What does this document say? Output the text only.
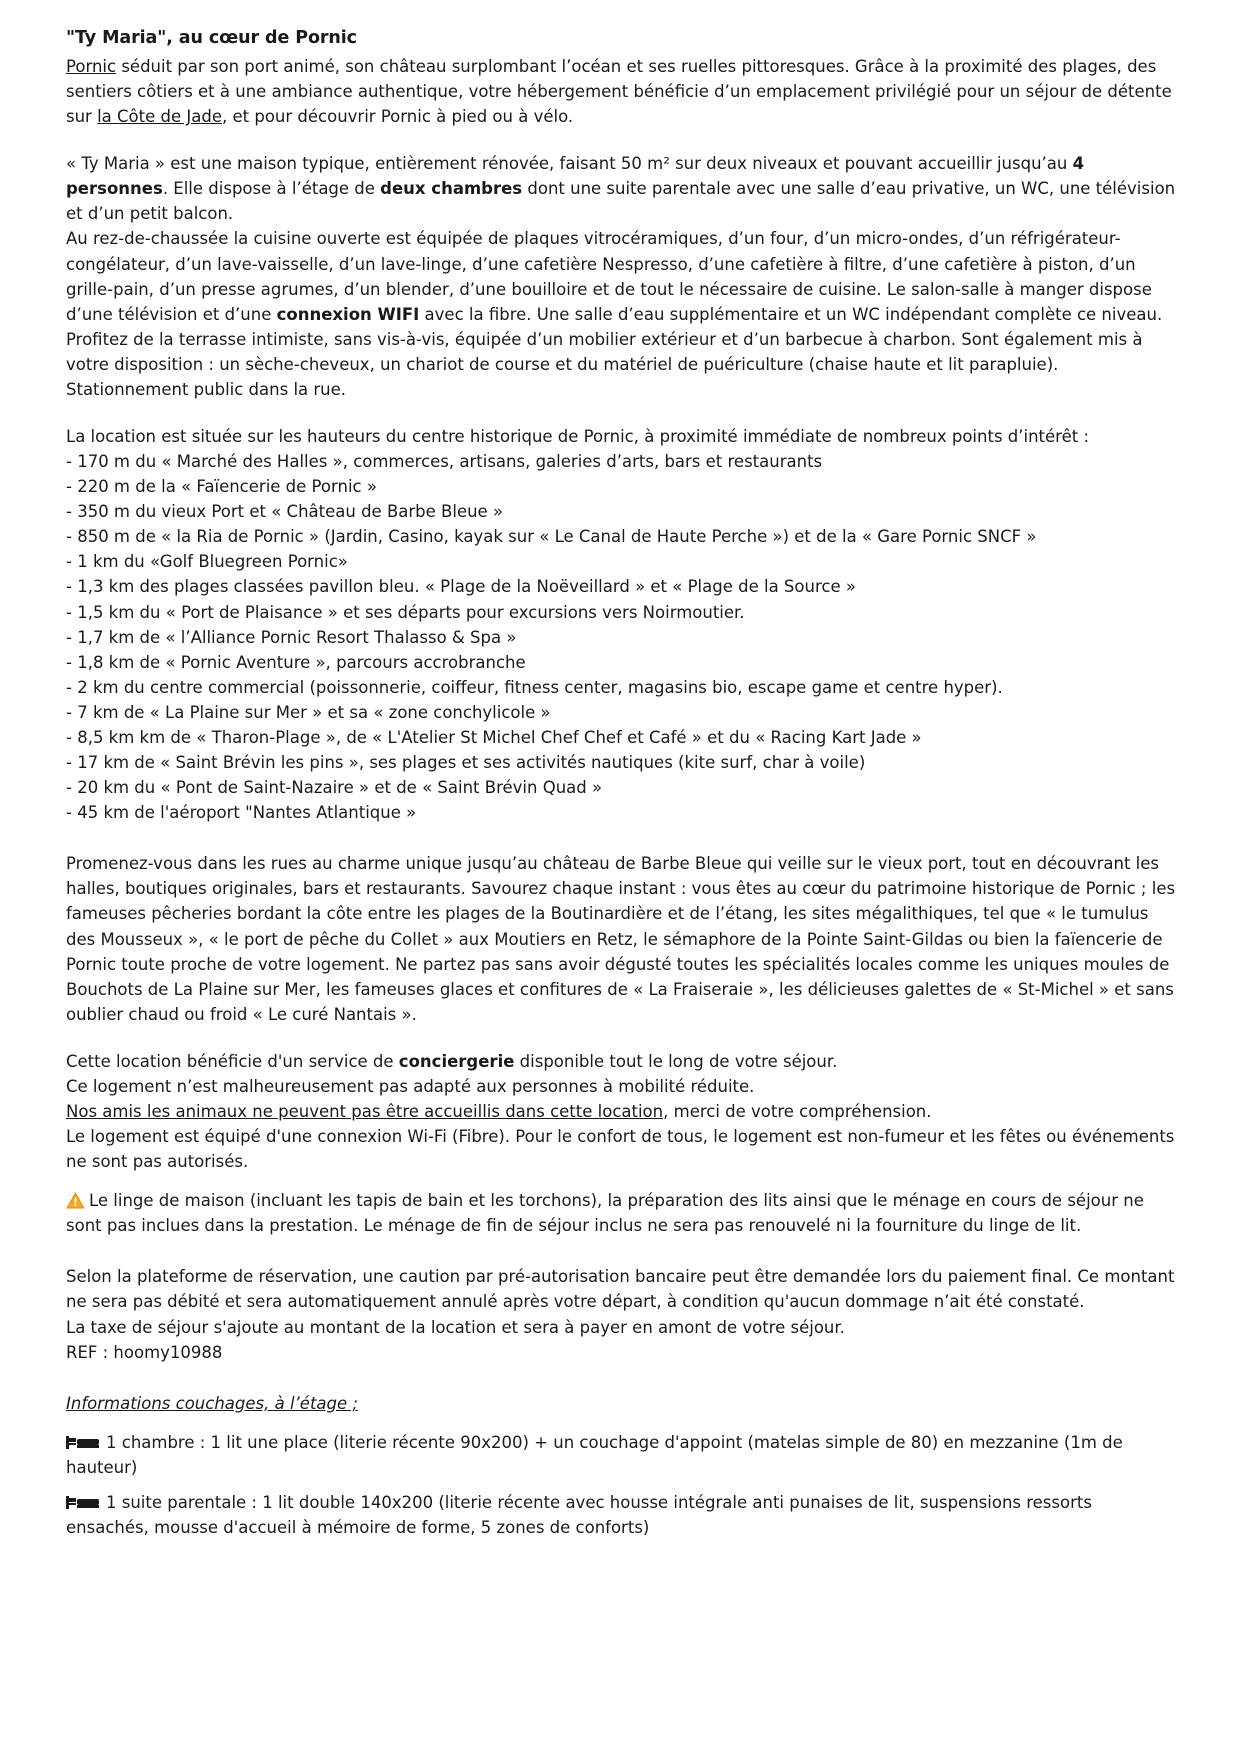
"Ty Maria", au cœur de Pornic

Pornic séduit par son port animé, son château surplombant l’océan et ses ruelles pittoresques. Grâce à la proximité des plages, des sentiers côtiers et à une ambiance authentique, votre hébergement bénéficie d’un emplacement privilégié pour un séjour de détente sur la Côte de Jade, et pour découvrir Pornic à pied ou à vélo.

« Ty Maria » est une maison typique, entièrement rénovée, faisant 50 m² sur deux niveaux et pouvant accueillir jusqu’au 4 personnes. Elle dispose à l’étage de deux chambres dont une suite parentale avec une salle d’eau privative, un WC, une télévision et d’un petit balcon.

Au rez-de-chaussée la cuisine ouverte est équipée de plaques vitrocéramiques, d’un four, d’un micro-ondes, d’un réfrigérateur-congélateur, d’un lave-vaisselle, d’un lave-linge, d’une cafetière Nespresso, d’une cafetière à filtre, d’une cafetière à piston, d’un grille-pain, d’un presse agrumes, d’un blender, d’une bouilloire et de tout le nécessaire de cuisine. Le salon-salle à manger dispose d’une télévision et d’une connexion WIFI avec la fibre. Une salle d’eau supplémentaire et un WC indépendant complète ce niveau.

Profitez de la terrasse intimiste, sans vis-à-vis, équipée d’un mobilier extérieur et d’un barbecue à charbon. Sont également mis à votre disposition : un sèche-cheveux, un chariot de course et du matériel de puériculture (chaise haute et lit parapluie). Stationnement public dans la rue.

La location est située sur les hauteurs du centre historique de Pornic, à proximité immédiate de nombreux points d’intérêt :

- 170 m du « Marché des Halles », commerces, artisans, galeries d’arts, bars et restaurants
- 220 m de la « Faïencerie de Pornic »
- 350 m du vieux Port et « Château de Barbe Bleue »
- 850 m de « la Ria de Pornic » (Jardin, Casino, kayak sur « Le Canal de Haute Perche ») et de la « Gare Pornic SNCF »
- 1 km du «Golf Bluegreen Pornic»
- 1,3 km des plages classées pavillon bleu. « Plage de la Noëveillard » et « Plage de la Source »
- 1,5 km du « Port de Plaisance » et ses départs pour excursions vers Noirmoutier.
- 1,7 km de « l’Alliance Pornic Resort Thalasso & Spa »
- 1,8 km de « Pornic Aventure », parcours accrobranche
- 2 km du centre commercial (poissonnerie, coiffeur, fitness center, magasins bio, escape game et centre hyper).
- 7 km de « La Plaine sur Mer » et sa « zone conchylicole »
- 8,5 km km de « Tharon-Plage », de « L'Atelier St Michel Chef Chef et Café » et du « Racing Kart Jade »
- 17 km de « Saint Brévin les pins », ses plages et ses activités nautiques (kite surf, char à voile)
- 20 km du « Pont de Saint-Nazaire » et de « Saint Brévin Quad »
- 45 km de l'aéroport "Nantes Atlantique »

Promenez-vous dans les rues au charme unique jusqu’au château de Barbe Bleue qui veille sur le vieux port, tout en découvrant les halles, boutiques originales, bars et restaurants. Savourez chaque instant : vous êtes au cœur du patrimoine historique de Pornic ; les fameuses pêcheries bordant la côte entre les plages de la Boutinardière et de l’étang, les sites mégalithiques, tel que « le tumulus des Mousseux », « le port de pêche du Collet » aux Moutiers en Retz, le sémaphore de la Pointe Saint-Gildas ou bien la faïencerie de Pornic toute proche de votre logement. Ne partez pas sans avoir dégusté toutes les spécialités locales comme les uniques moules de Bouchots de La Plaine sur Mer, les fameuses glaces et confitures de « La Fraiseraie », les délicieuses galettes de « St-Michel » et sans oublier chaud ou froid « Le curé Nantais ».

Cette location bénéficie d'un service de conciergerie disponible tout le long de votre séjour.

Ce logement n’est malheureusement pas adapté aux personnes à mobilité réduite.

Nos amis les animaux ne peuvent pas être accueillis dans cette location, merci de votre compréhension.

Le logement est équipé d'une connexion Wi-Fi (Fibre). Pour le confort de tous, le logement est non-fumeur et les fêtes ou événements ne sont pas autorisés.

Le linge de maison (incluant les tapis de bain et les torchons), la préparation des lits ainsi que le ménage en cours de séjour ne sont pas inclues dans la prestation. Le ménage de fin de séjour inclus ne sera pas renouvelé ni la fourniture du linge de lit.

Selon la plateforme de réservation, une caution par pré-autorisation bancaire peut être demandée lors du paiement final. Ce montant ne sera pas débité et sera automatiquement annulé après votre départ, à condition qu'aucun dommage n’ait été constaté.

La taxe de séjour s'ajoute au montant de la location et sera à payer en amont de votre séjour.

REF : hoomy10988

Informations couchages, à l’étage ;

1 chambre : 1 lit une place (literie récente 90x200) + un couchage d'appoint (matelas simple de 80) en mezzanine (1m de hauteur)

1 suite parentale : 1 lit double 140x200 (literie récente avec housse intégrale anti punaises de lit, suspensions ressorts ensachés, mousse d'accueil à mémoire de forme, 5 zones de conforts)
